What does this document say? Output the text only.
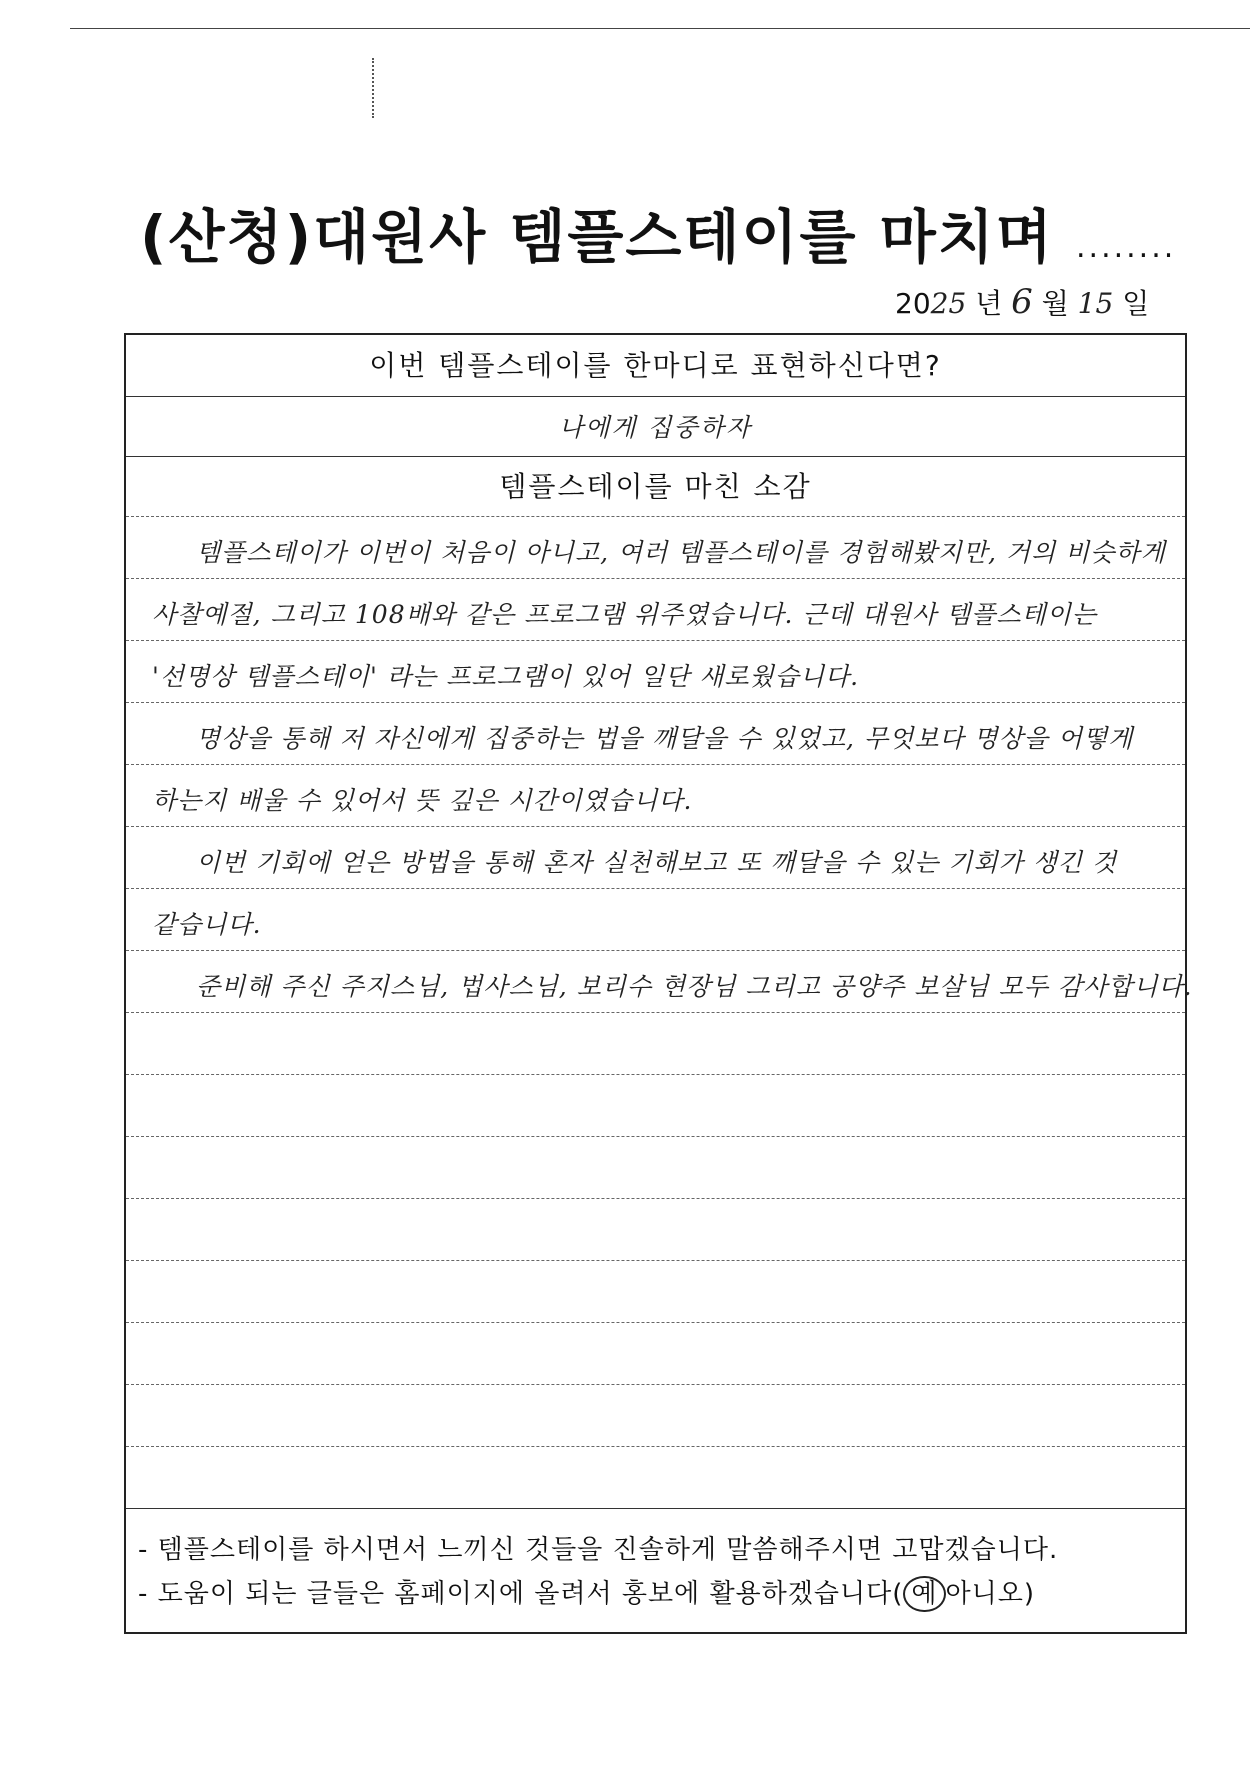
(산청)대원사 템플스테이를 마치며 ........
2025 년 6 월 15 일
이번 템플스테이를 한마디로 표현하신다면?
나에게 집중하자
템플스테이를 마친 소감
템플스테이가 이번이 처음이 아니고, 여러 템플스테이를 경험해봤지만, 거의 비슷하게
사찰예절, 그리고 108배와 같은 프로그램 위주였습니다. 근데 대원사 템플스테이는
'선명상 템플스테이' 라는 프로그램이 있어 일단 새로웠습니다.
명상을 통해 저 자신에게 집중하는 법을 깨달을 수 있었고, 무엇보다 명상을 어떻게
하는지 배울 수 있어서 뜻 깊은 시간이였습니다.
이번 기회에 얻은 방법을 통해 혼자 실천해보고 또 깨달을 수 있는 기회가 생긴 것
같습니다.
준비해 주신 주지스님, 법사스님, 보리수 현장님 그리고 공양주 보살님 모두 감사합니다.
- 템플스테이를 하시면서 느끼신 것들을 진솔하게 말씀해주시면 고맙겠습니다.
- 도움이 되는 글들은 홈페이지에 올려서 홍보에 활용하겠습니다( 예 아니오)
